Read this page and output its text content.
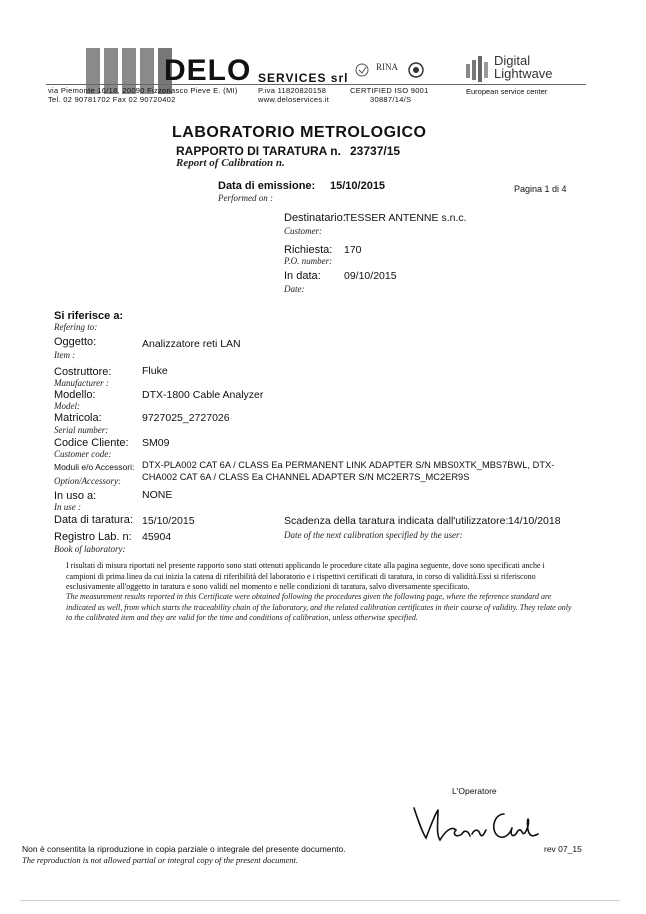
DELO SERVICES srl
via Piemonte 16/18, 20090 Fizzonasco Pieve E. (MI)
Tel. 02 90781702 Fax 02 90720402
P.iva 11820820158
www.deloservices.it
RINA
CERTIFIED ISO 9001
30887/14/S
Digital
Lightwave
European service center
LABORATORIO METROLOGICO
RAPPORTO DI TARATURA n. 23737/15
Report of Calibration n.
Data di emissione: 15/10/2015
Performed on :
Pagina 1 di 4
Destinatario:
TESSER ANTENNE s.n.c.
Customer:
Richiesta: 170
P.O. number:
In data: 09/10/2015
Date:
Si riferisce a:
Refering to:
Oggetto:	Analizzatore reti LAN
Item :
Costruttore:	Fluke
Manufacturer :
Modello:	DTX-1800 Cable Analyzer
Model:
Matricola:	9727025_2727026
Serial number:
Codice Cliente: SM09
Customer code:
Moduli e/o Accessori:
Option/Accessory:
DTX-PLA002 CAT 6A / CLASS Ea PERMANENT LINK ADAPTER S/N MBS0XTK_MBS7BWL, DTX-
CHA002 CAT 6A / CLASS Ea CHANNEL ADAPTER S/N MC2ER7S_MC2ER9S
In uso a:	NONE
In use :
Data di taratura: 15/10/2015	Scadenza della taratura indicata dall'utilizzatore: 14/10/2018
Date of the next calibration specified by the user:
Registro Lab. n: 45904
Book of laboratory:
I risultati di misura riportati nel presente rapporto sono stati ottenuti applicando le procedure citate alla pagina seguente, dove sono specificati anche i campioni di prima linea da cui inizia la catena di riferibilità del laboratorio e i rispettivi certificati di taratura, in corso di validità.Essi si riferiscono esclusivamente all'oggetto in taratura e sono validi nel momento e nelle condizioni di taratura, salvo diversamente specificato.
The measurement results reported in this Certificate were obtained following the procedures given the following page, where the reference standard are indicated as well, from which starts the traceability chain of the laboratory, and the related calibration certificates in their course of validity. They relate only to the calibrated item and they are valid for the time and conditions of calibration, unless otherwise specified.
L'Operatore
Non è consentita la riproduzione in copia parziale o integrale del presente documento.
The reproduction is not allowed partial or integral copy of the present document.
rev 07_15
